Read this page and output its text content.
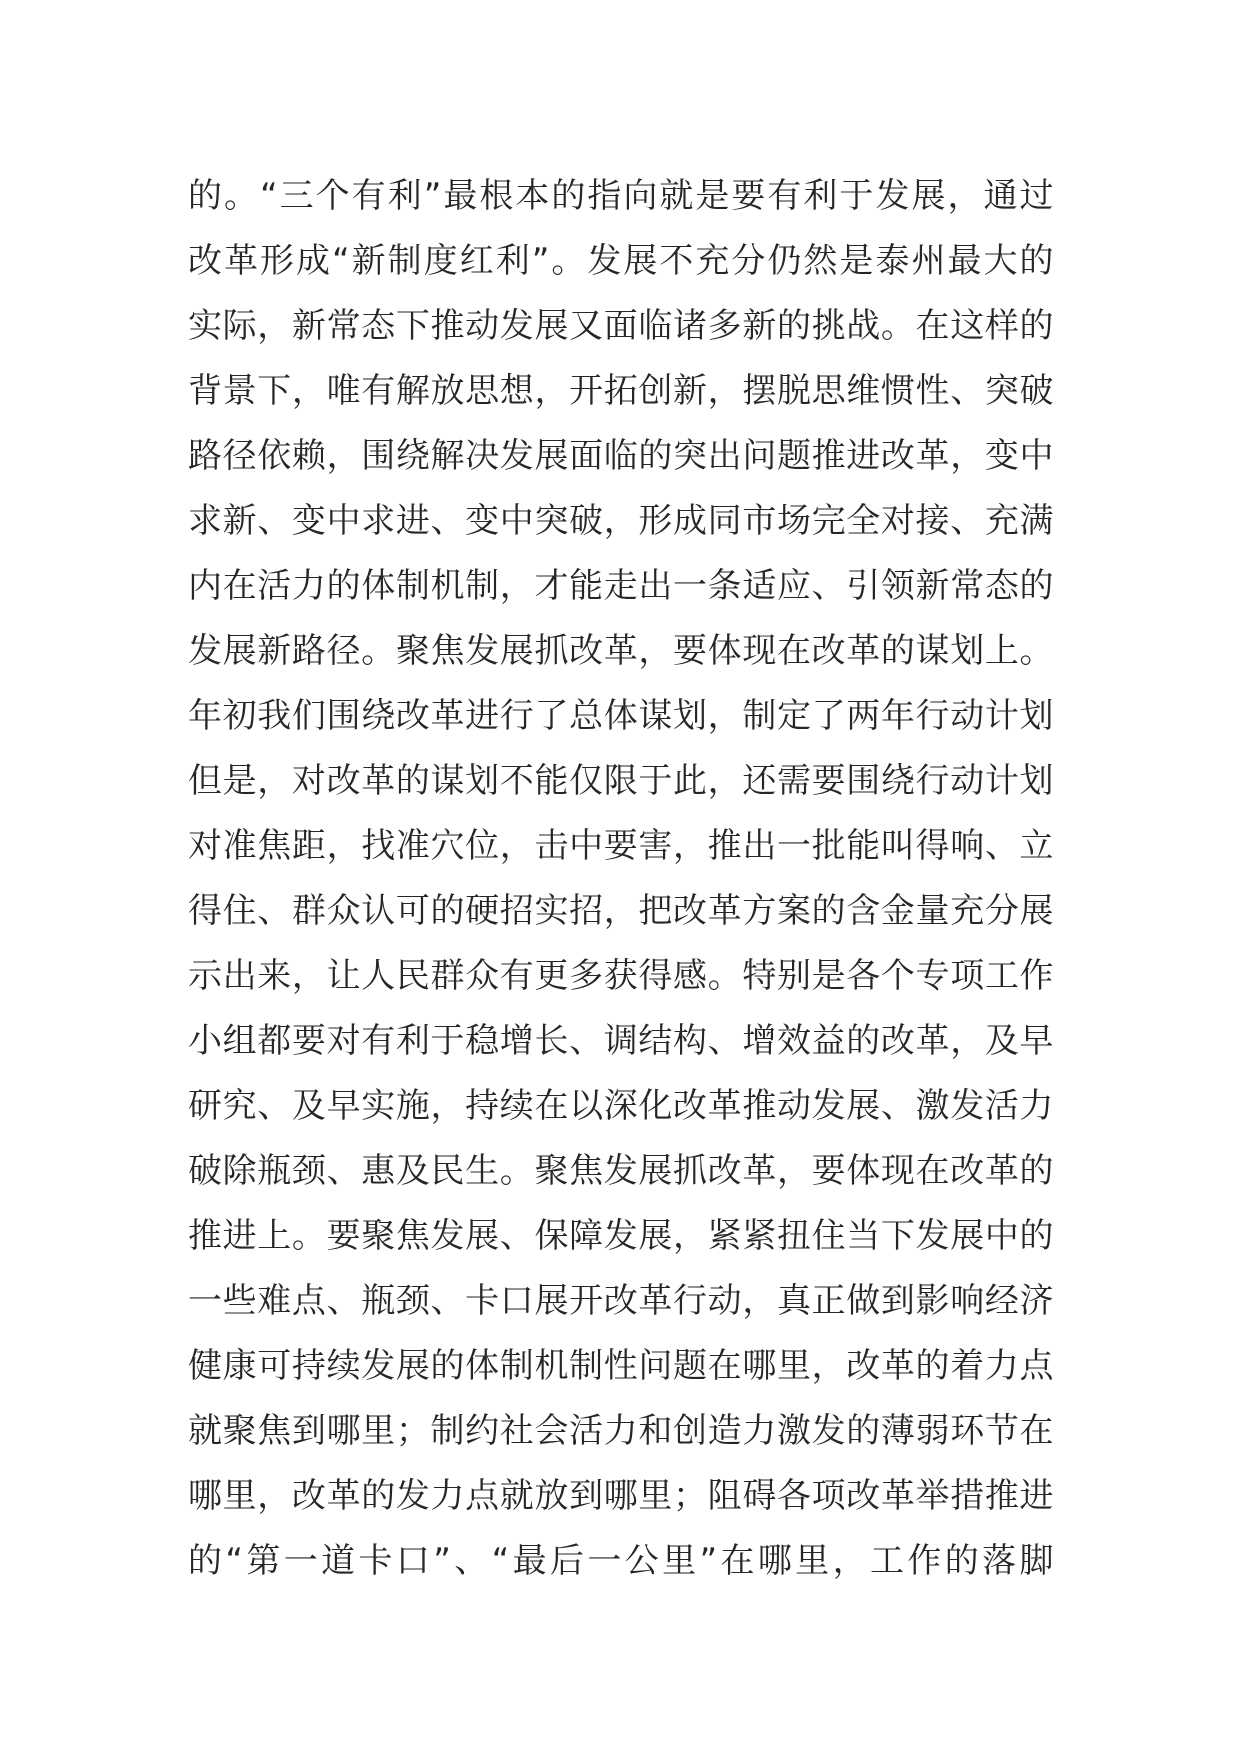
的。“三个有利”最根本的指向就是要有利于发展，通过
改革形成“新制度红利”。发展不充分仍然是泰州最大的
实际，新常态下推动发展又面临诸多新的挑战。在这样的
背景下，唯有解放思想，开拓创新，摆脱思维惯性、突破
路径依赖，围绕解决发展面临的突出问题推进改革，变中
求新、变中求进、变中突破，形成同市场完全对接、充满
内在活力的体制机制，才能走出一条适应、引领新常态的
发展新路径。聚焦发展抓改革，要体现在改革的谋划上。
年初我们围绕改革进行了总体谋划，制定了两年行动计划
但是，对改革的谋划不能仅限于此，还需要围绕行动计划
对准焦距，找准穴位，击中要害，推出一批能叫得响、立
得住、群众认可的硬招实招，把改革方案的含金量充分展
示出来，让人民群众有更多获得感。特别是各个专项工作
小组都要对有利于稳增长、调结构、增效益的改革，及早
研究、及早实施，持续在以深化改革推动发展、激发活力
破除瓶颈、惠及民生。聚焦发展抓改革，要体现在改革的
推进上。要聚焦发展、保障发展，紧紧扭住当下发展中的
一些难点、瓶颈、卡口展开改革行动，真正做到影响经济
健康可持续发展的体制机制性问题在哪里，改革的着力点
就聚焦到哪里；制约社会活力和创造力激发的薄弱环节在
哪里，改革的发力点就放到哪里；阻碍各项改革举措推进
的“第一道卡口”、“最后一公里”在哪里，工作的落脚
